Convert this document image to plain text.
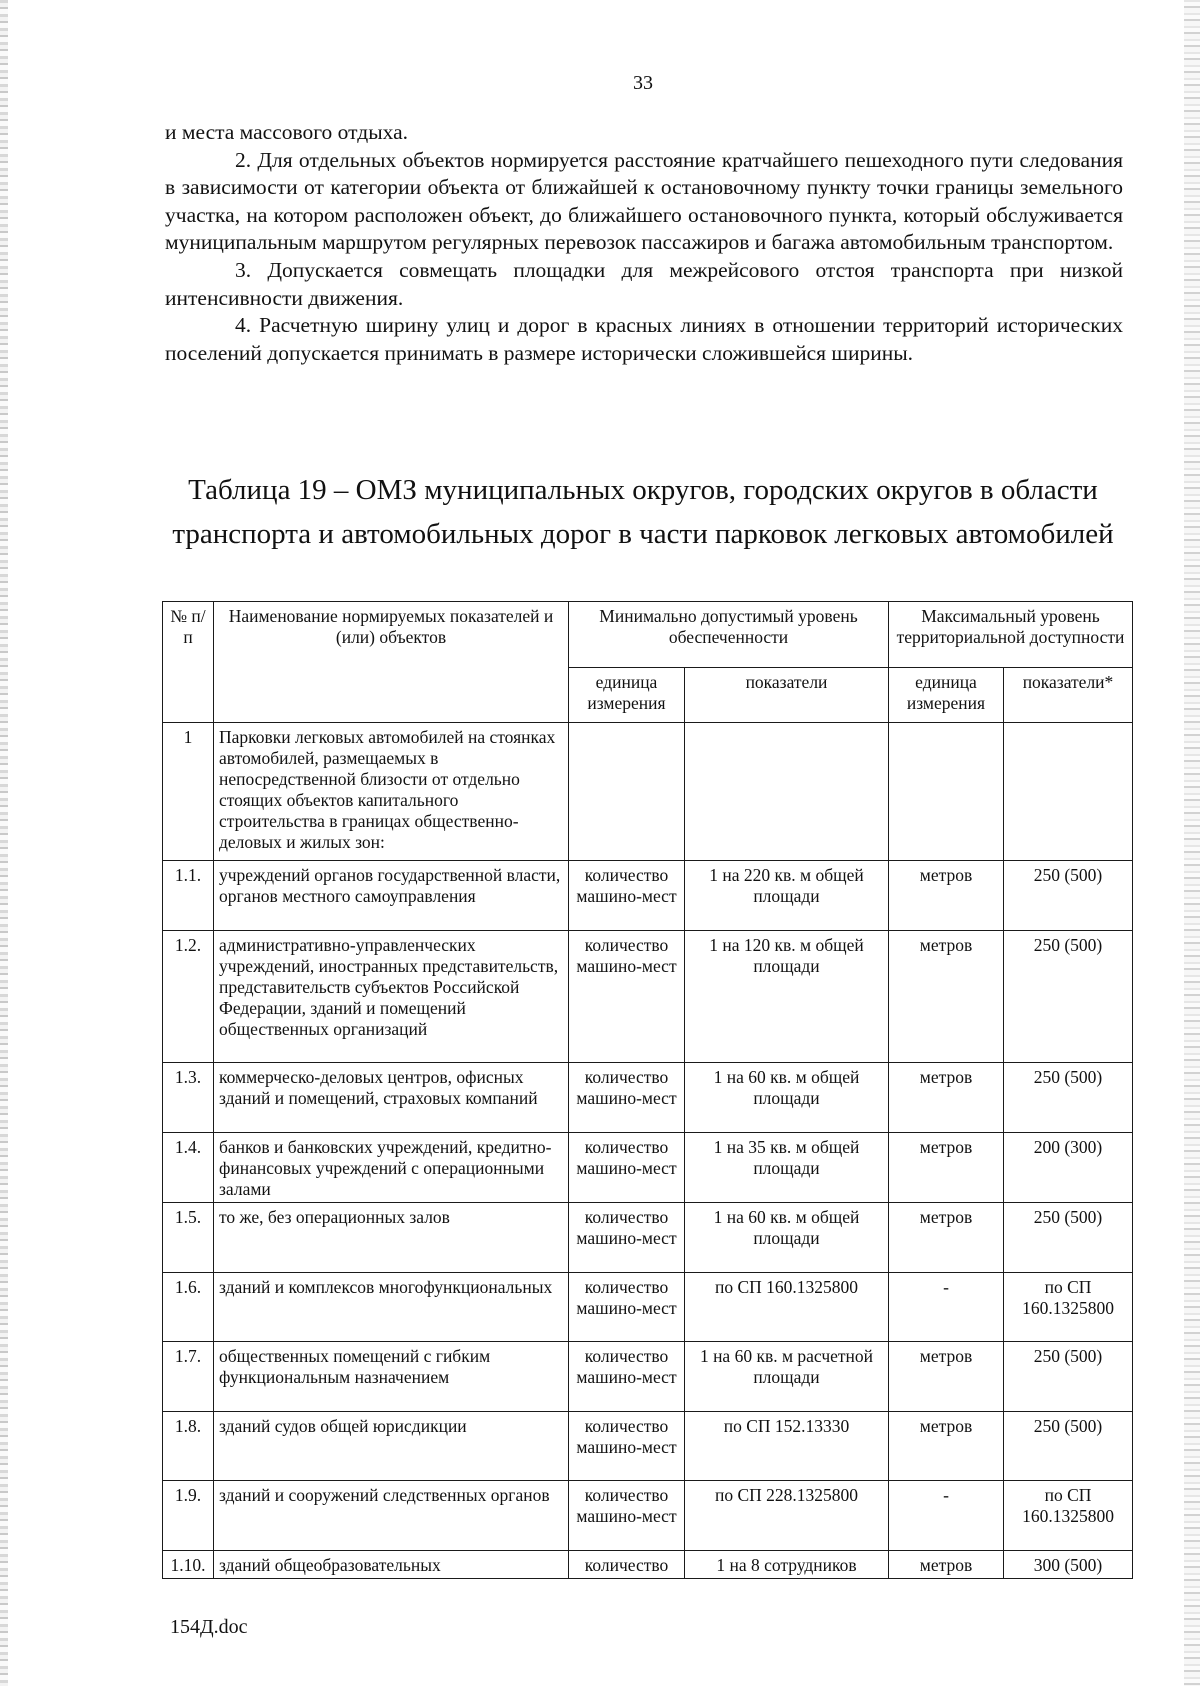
33

и места массового отдыха.

2. Для отдельных объектов нормируется расстояние кратчайшего пешеходного пути следования в зависимости от категории объекта от ближайшей к остановочному пункту точки границы земельного участка, на котором расположен объект, до ближайшего остановочного пункта, который обслуживается муниципальным маршрутом регулярных перевозок пассажиров и багажа автомобильным транспортом.

3. Допускается совмещать площадки для межрейсового отстоя транспорта при низкой интенсивности движения.

4. Расчетную ширину улиц и дорог в красных линиях в отношении территорий исторических поселений допускается принимать в размере исторически сложившейся ширины.

Таблица 19 – ОМЗ муниципальных округов, городских округов в области транспорта и автомобильных дорог в части парковок легковых автомобилей
№ п/п	Наименование нормируемых показателей и (или) объектов	Минимально допустимый уровень обеспеченности		Максимальный уровень территориальной доступности	
		единица измерения	показатели	единица измерения	показатели*
1	Парковки легковых автомобилей на стоянках автомобилей, размещаемых в непосредственной близости от отдельно стоящих объектов капитального строительства в границах общественно-деловых и жилых зон:				
1.1.	учреждений органов государственной власти, органов местного самоуправления	количество машино-мест	1 на 220 кв. м общей площади	метров	250 (500)
1.2.	административно-управленческих учреждений, иностранных представительств, представительств субъектов Российской Федерации, зданий и помещений общественных организаций	количество машино-мест	1 на 120 кв. м общей площади	метров	250 (500)
1.3.	коммерческо-деловых центров, офисных зданий и помещений, страховых компаний	количество машино-мест	1 на 60 кв. м общей площади	метров	250 (500)
1.4.	банков и банковских учреждений, кредитно-финансовых учреждений с операционными залами	количество машино-мест	1 на 35 кв. м общей площади	метров	200 (300)
1.5.	то же, без операционных залов	количество машино-мест	1 на 60 кв. м общей площади	метров	250 (500)
1.6.	зданий и комплексов многофункциональных	количество машино-мест	по СП 160.1325800	-	по СП 160.1325800
1.7.	общественных помещений с гибким функциональным назначением	количество машино-мест	1 на 60 кв. м расчетной площади	метров	250 (500)
1.8.	зданий судов общей юрисдикции	количество машино-мест	по СП 152.13330	метров	250 (500)
1.9.	зданий и сооружений следственных органов	количество машино-мест	по СП 228.1325800	-	по СП 160.1325800
1.10.	зданий общеобразовательных	количество	1 на 8 сотрудников	метров	300 (500)
154Д.doc
